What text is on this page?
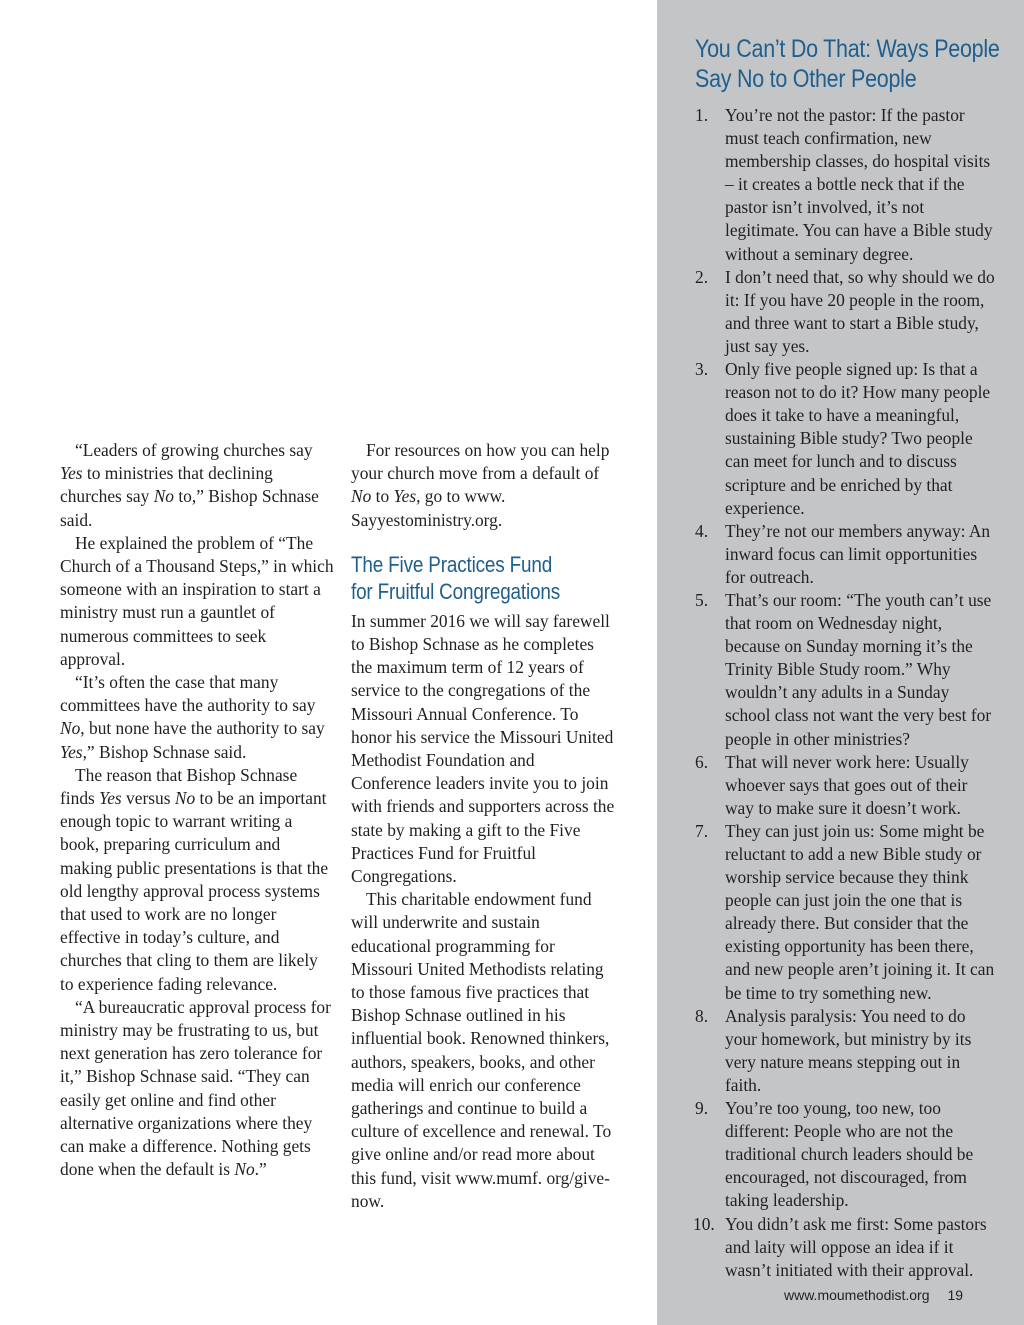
“Leaders of growing churches say Yes to ministries that declining churches say No to,” Bishop Schnase said.

He explained the problem of “The Church of a Thousand Steps,” in which someone with an inspiration to start a ministry must run a gauntlet of numerous committees to seek approval.

“It’s often the case that many committees have the authority to say No, but none have the authority to say Yes,” Bishop Schnase said.

The reason that Bishop Schnase finds Yes versus No to be an important enough topic to warrant writing a book, preparing curriculum and making public presentations is that the old lengthy approval process systems that used to work are no longer effective in today’s culture, and churches that cling to them are likely to experience fading relevance.

“A bureaucratic approval process for ministry may be frustrating to us, but next generation has zero tolerance for it,” Bishop Schnase said. “They can easily get online and find other alternative organizations where they can make a difference. Nothing gets done when the default is No.”

For resources on how you can help your church move from a default of No to Yes, go to www. Sayyestoministry.org.

The Five Practices Fund
for Fruitful Congregations

In summer 2016 we will say farewell to Bishop Schnase as he completes the maximum term of 12 years of service to the congregations of the Missouri Annual Conference. To honor his service the Missouri United Methodist Foundation and Conference leaders invite you to join with friends and supporters across the state by making a gift to the Five Practices Fund for Fruitful Congregations.

This charitable endowment fund will underwrite and sustain educational programming for Missouri United Methodists relating to those famous five practices that Bishop Schnase outlined in his influential book. Renowned thinkers, authors, speakers, books, and other media will enrich our conference gatherings and continue to build a culture of excellence and renewal. To give online and/or read more about this fund, visit www.mumf. org/give-now.

You Can’t Do That: Ways People
Say No to Other People
1. You’re not the pastor: If the pastor must teach confirmation, new membership classes, do hospital visits – it creates a bottle neck that if the pastor isn’t involved, it’s not legitimate. You can have a Bible study without a seminary degree.
2. I don’t need that, so why should we do it: If you have 20 people in the room, and three want to start a Bible study, just say yes.
3. Only five people signed up: Is that a reason not to do it? How many people does it take to have a meaningful, sustaining Bible study? Two people can meet for lunch and to discuss scripture and be enriched by that experience.
4. They’re not our members anyway: An inward focus can limit opportunities for outreach.
5. That’s our room: “The youth can’t use that room on Wednesday night, because on Sunday morning it’s the Trinity Bible Study room.” Why wouldn’t any adults in a Sunday school class not want the very best for people in other ministries?
6. That will never work here: Usually whoever says that goes out of their way to make sure it doesn’t work.
7. They can just join us: Some might be reluctant to add a new Bible study or worship service because they think people can just join the one that is already there. But consider that the existing opportunity has been there, and new people aren’t joining it. It can be time to try something new.
8. Analysis paralysis: You need to do your homework, but ministry by its very nature means stepping out in faith.
9. You’re too young, too new, too different: People who are not the traditional church leaders should be encouraged, not discouraged, from taking leadership.
10. You didn’t ask me first: Some pastors and laity will oppose an idea if it wasn’t initiated with their approval.
www.moumethodist.org 19
